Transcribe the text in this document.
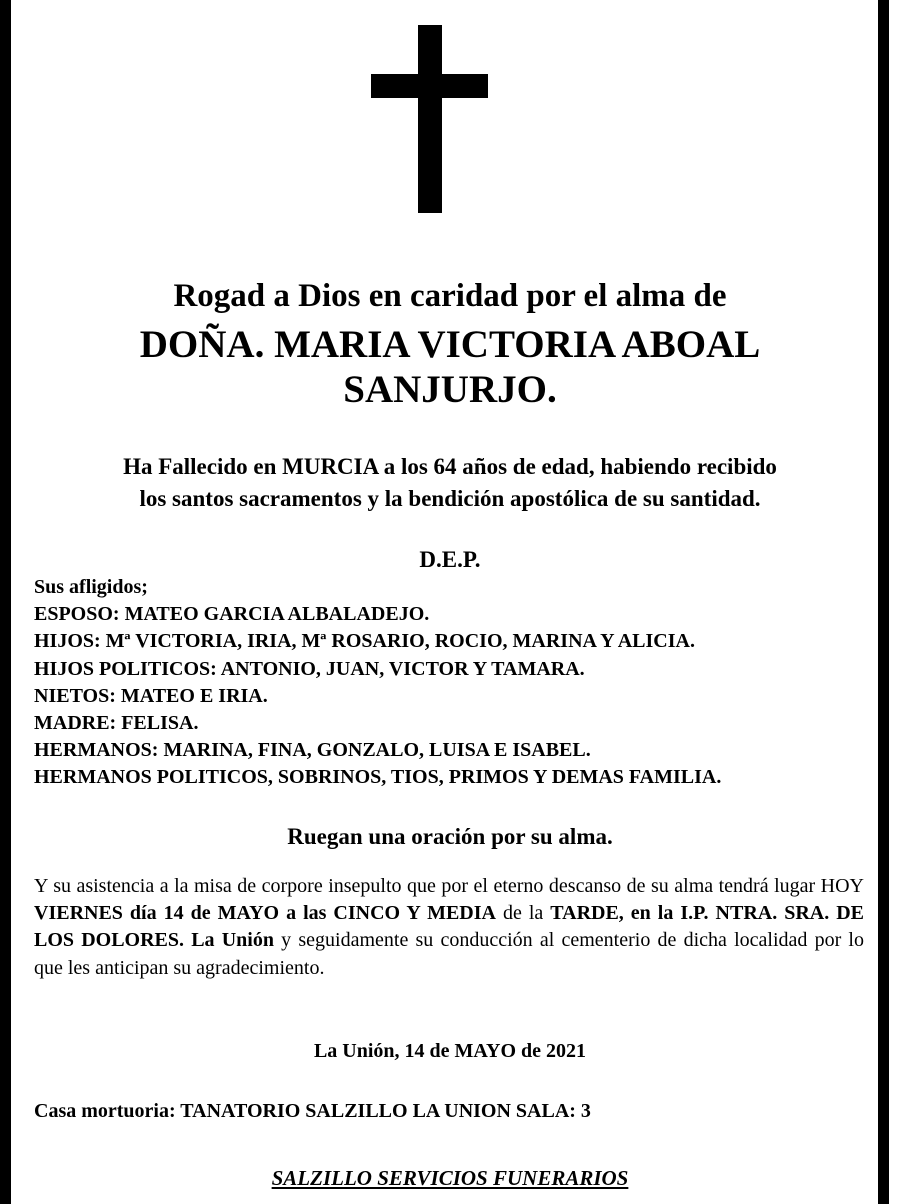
Rogad a Dios en caridad por el alma de
DOÑA. MARIA VICTORIA ABOAL
SANJURJO.
Ha Fallecido en MURCIA a los 64 años de edad, habiendo recibido
los santos sacramentos y la bendición apostólica de su santidad.
D.E.P.
Sus afligidos;
ESPOSO: MATEO GARCIA ALBALADEJO.
HIJOS: Mª VICTORIA, IRIA, Mª ROSARIO, ROCIO, MARINA Y ALICIA.
HIJOS POLITICOS: ANTONIO, JUAN, VICTOR Y TAMARA.
NIETOS: MATEO E IRIA.
MADRE: FELISA.
HERMANOS: MARINA, FINA, GONZALO, LUISA E ISABEL.
HERMANOS POLITICOS, SOBRINOS, TIOS, PRIMOS Y DEMAS FAMILIA.
Ruegan una oración por su alma.
Y su asistencia a la misa de corpore insepulto que por el eterno descanso de su alma tendrá lugar HOY VIERNES día 14 de MAYO a las CINCO Y MEDIA de la TARDE, en la I.P. NTRA. SRA. DE LOS DOLORES. La Unión y seguidamente su conducción al cementerio de dicha localidad por lo que les anticipan su agradecimiento.
La Unión, 14 de MAYO de 2021
Casa mortuoria: TANATORIO SALZILLO LA UNION SALA: 3
SALZILLO SERVICIOS FUNERARIOS
